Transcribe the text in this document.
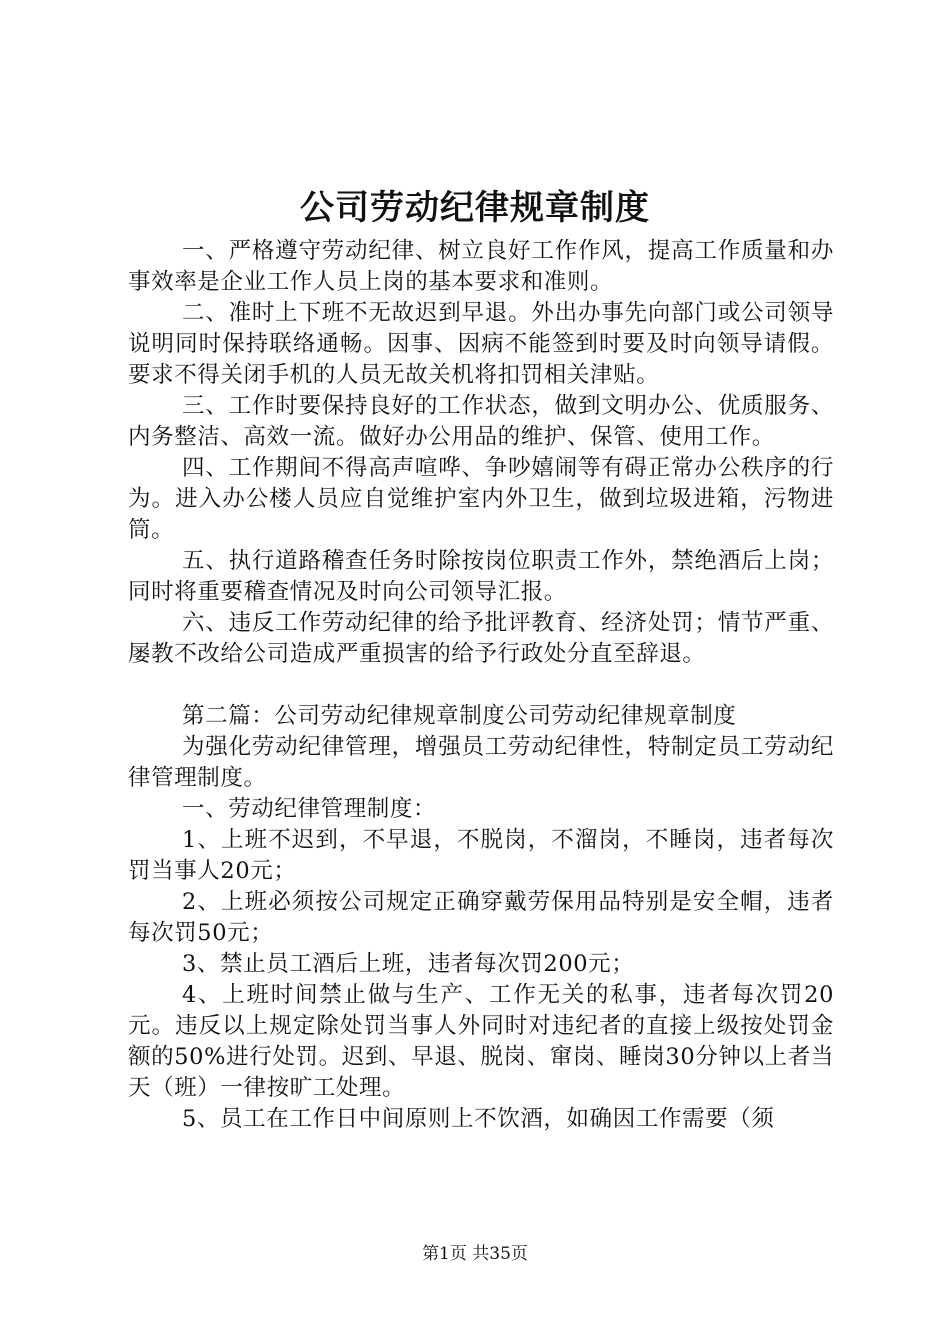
公司劳动纪律规章制度

一、严格遵守劳动纪律、树立良好工作作风，提高工作质量和办事效率是企业工作人员上岗的基本要求和准则。

二、准时上下班不无故迟到早退。外出办事先向部门或公司领导说明同时保持联络通畅。因事、因病不能签到时要及时向领导请假。要求不得关闭手机的人员无故关机将扣罚相关津贴。

三、工作时要保持良好的工作状态，做到文明办公、优质服务、内务整洁、高效一流。做好办公用品的维护、保管、使用工作。

四、工作期间不得高声喧哗、争吵嬉闹等有碍正常办公秩序的行为。进入办公楼人员应自觉维护室内外卫生，做到垃圾进箱，污物进筒。

五、执行道路稽查任务时除按岗位职责工作外，禁绝酒后上岗；同时将重要稽查情况及时向公司领导汇报。

六、违反工作劳动纪律的给予批评教育、经济处罚；情节严重、屡教不改给公司造成严重损害的给予行政处分直至辞退。

第二篇：公司劳动纪律规章制度公司劳动纪律规章制度

为强化劳动纪律管理，增强员工劳动纪律性，特制定员工劳动纪律管理制度。

一、劳动纪律管理制度：

1、上班不迟到，不早退，不脱岗，不溜岗，不睡岗，违者每次罚当事人20元；

2、上班必须按公司规定正确穿戴劳保用品特别是安全帽，违者每次罚50元；

3、禁止员工酒后上班，违者每次罚200元；

4、上班时间禁止做与生产、工作无关的私事，违者每次罚20元。违反以上规定除处罚当事人外同时对违纪者的直接上级按处罚金额的50%进行处罚。迟到、早退、脱岗、窜岗、睡岗30分钟以上者当天（班）一律按旷工处理。

5、员工在工作日中间原则上不饮酒，如确因工作需要（须

第1页 共35页
